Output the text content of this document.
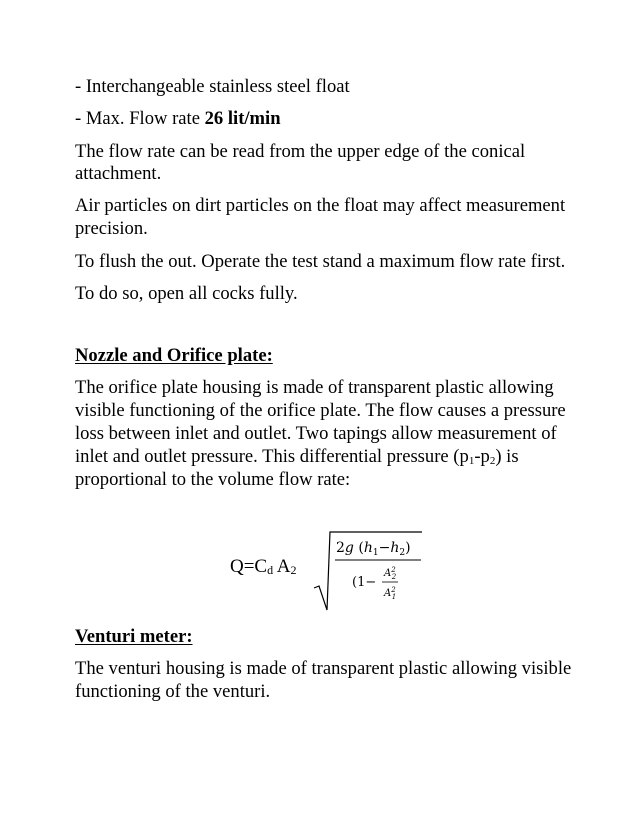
- Interchangeable stainless steel float
- Max. Flow rate 26 lit/min
The flow rate can be read from the upper edge of the conical
attachment.
Air particles on dirt particles on the float may affect measurement
precision.
To flush the out. Operate the test stand a maximum flow rate first.
To do so, open all cocks fully.
Nozzle and Orifice plate:
The orifice plate housing is made of transparent plastic allowing
visible functioning of the orifice plate. The flow causes a pressure
loss between inlet and outlet. Two tapings allow measurement of
inlet and outlet pressure. This differential pressure $(p_1-p_2)$ is
proportional to the volume flow rate:
$Q=C_d$ $A_2$
2g $(h_1-h_2)$
(1−
$A^2$ 2
$A^2$ 1
Venturi meter:
The venturi housing is made of transparent plastic allowing visible
functioning of the venturi.
